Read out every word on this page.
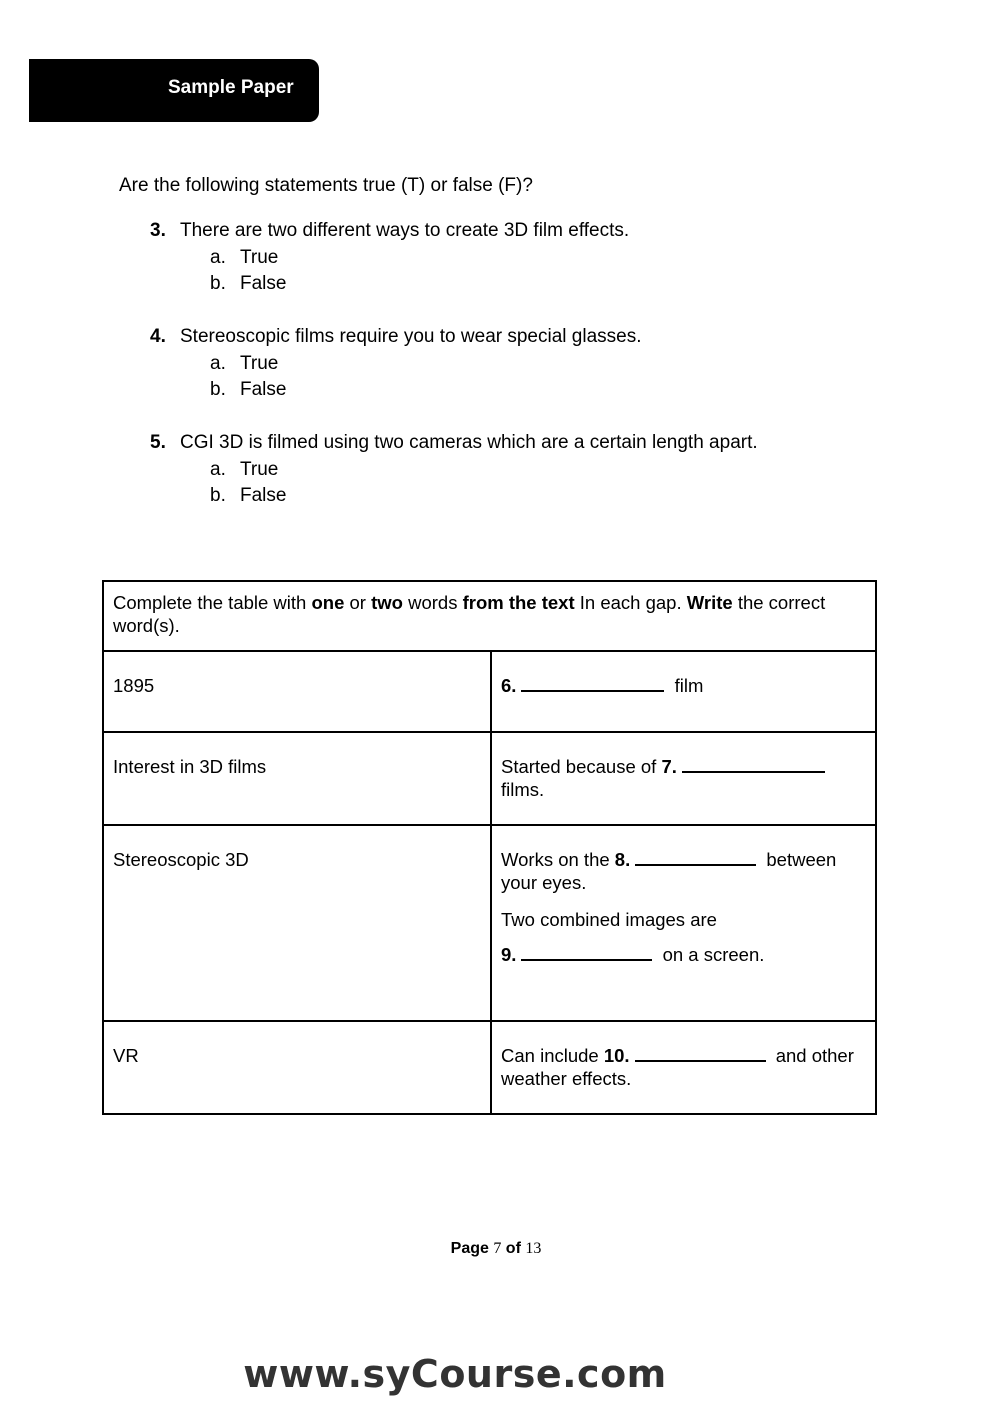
Sample Paper
Are the following statements true (T) or false (F)?
3. There are two different ways to create 3D film effects.
a. True
b. False
4. Stereoscopic films require you to wear special glasses.
a. True
b. False
5. CGI 3D is filmed using two cameras which are a certain length apart.
a. True
b. False
Complete the table with one or two words from the text In each gap. Write the correct word(s).	
1895	6. film
Interest in 3D films	Started because of 7.
films.
Stereoscopic 3D	Works on the 8. between your eyes.
Two combined images are
9. on a screen.

VR	Can include 10. and other weather effects.
Page 7 of 13
www.syCourse.com
